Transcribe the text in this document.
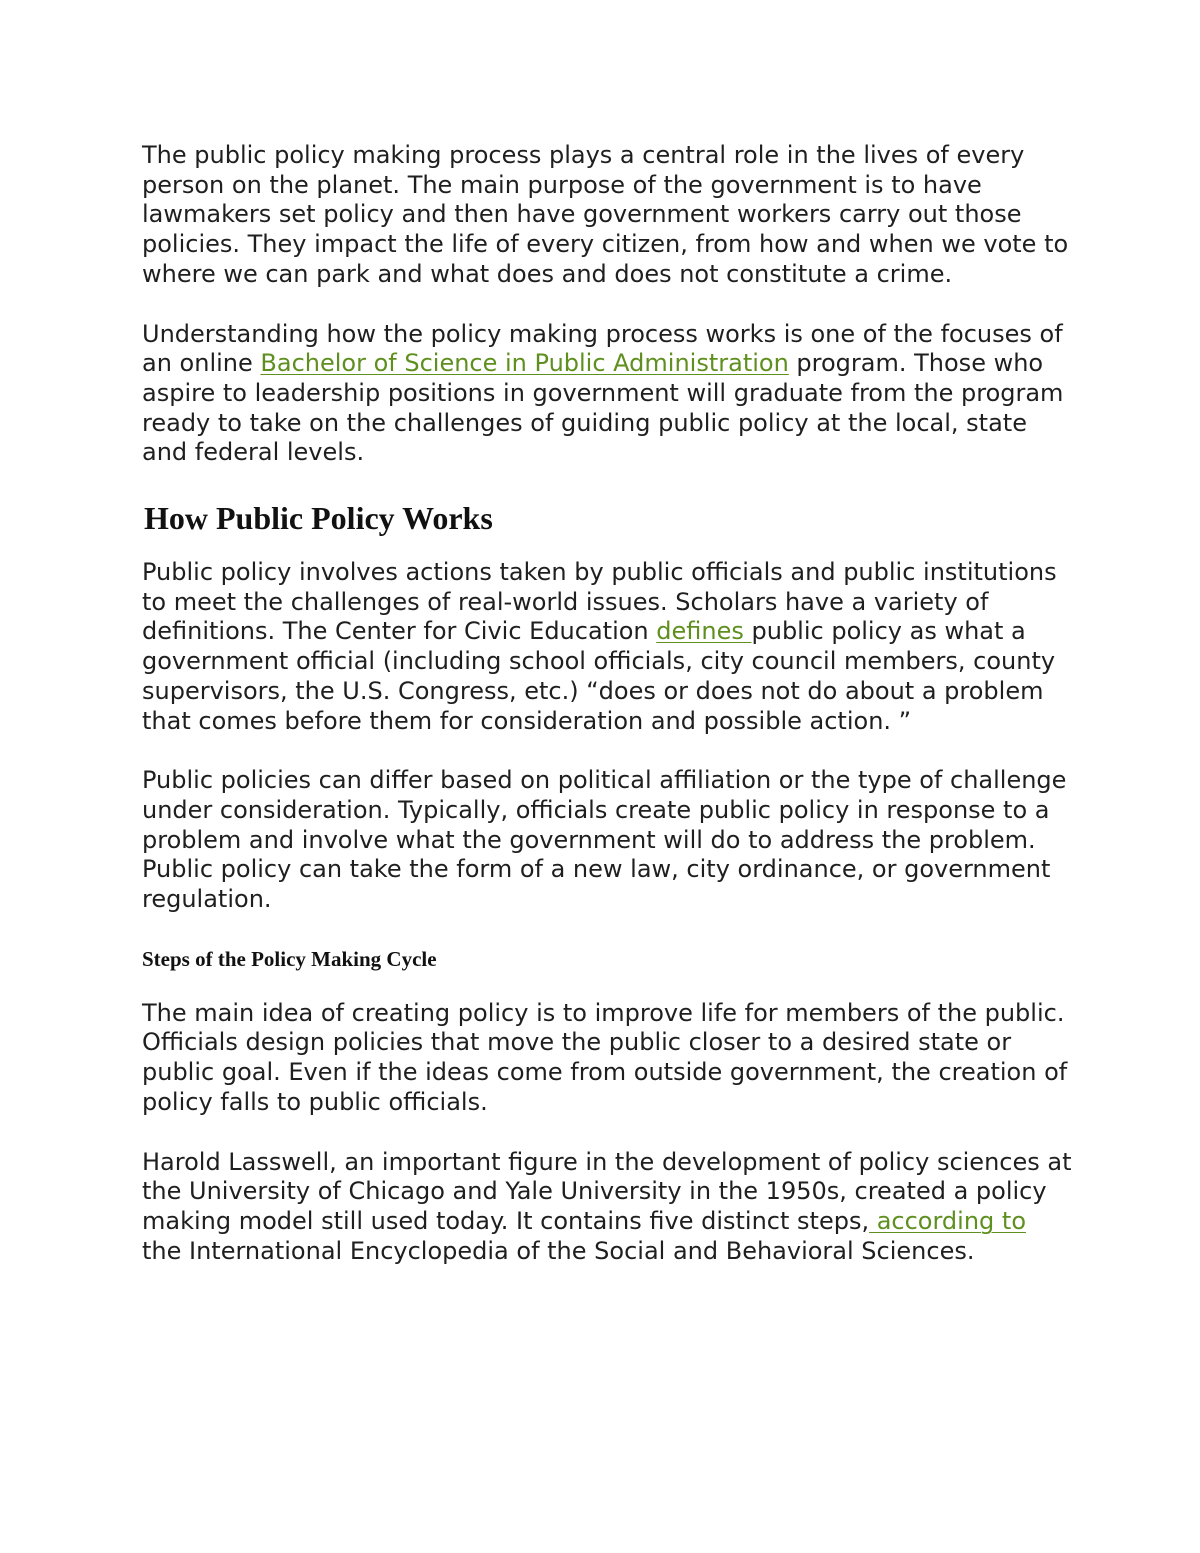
The public policy making process plays a central role in the lives of every person on the planet. The main purpose of the government is to have lawmakers set policy and then have government workers carry out those policies. They impact the life of every citizen, from how and when we vote to where we can park and what does and does not constitute a crime.

Understanding how the policy making process works is one of the focuses of an online Bachelor of Science in Public Administration program. Those who aspire to leadership positions in government will graduate from the program ready to take on the challenges of guiding public policy at the local, state and federal levels.

How Public Policy Works

Public policy involves actions taken by public officials and public institutions to meet the challenges of real-world issues. Scholars have a variety of definitions. The Center for Civic Education defines public policy as what a government official (including school officials, city council members, county supervisors, the U.S. Congress, etc.) “does or does not do about a problem that comes before them for consideration and possible action. ”

Public policies can differ based on political affiliation or the type of challenge under consideration. Typically, officials create public policy in response to a problem and involve what the government will do to address the problem. Public policy can take the form of a new law, city ordinance, or government regulation.

Steps of the Policy Making Cycle

The main idea of creating policy is to improve life for members of the public. Officials design policies that move the public closer to a desired state or public goal. Even if the ideas come from outside government, the creation of policy falls to public officials.

Harold Lasswell, an important figure in the development of policy sciences at the University of Chicago and Yale University in the 1950s, created a policy making model still used today. It contains five distinct steps, according to the International Encyclopedia of the Social and Behavioral Sciences.
